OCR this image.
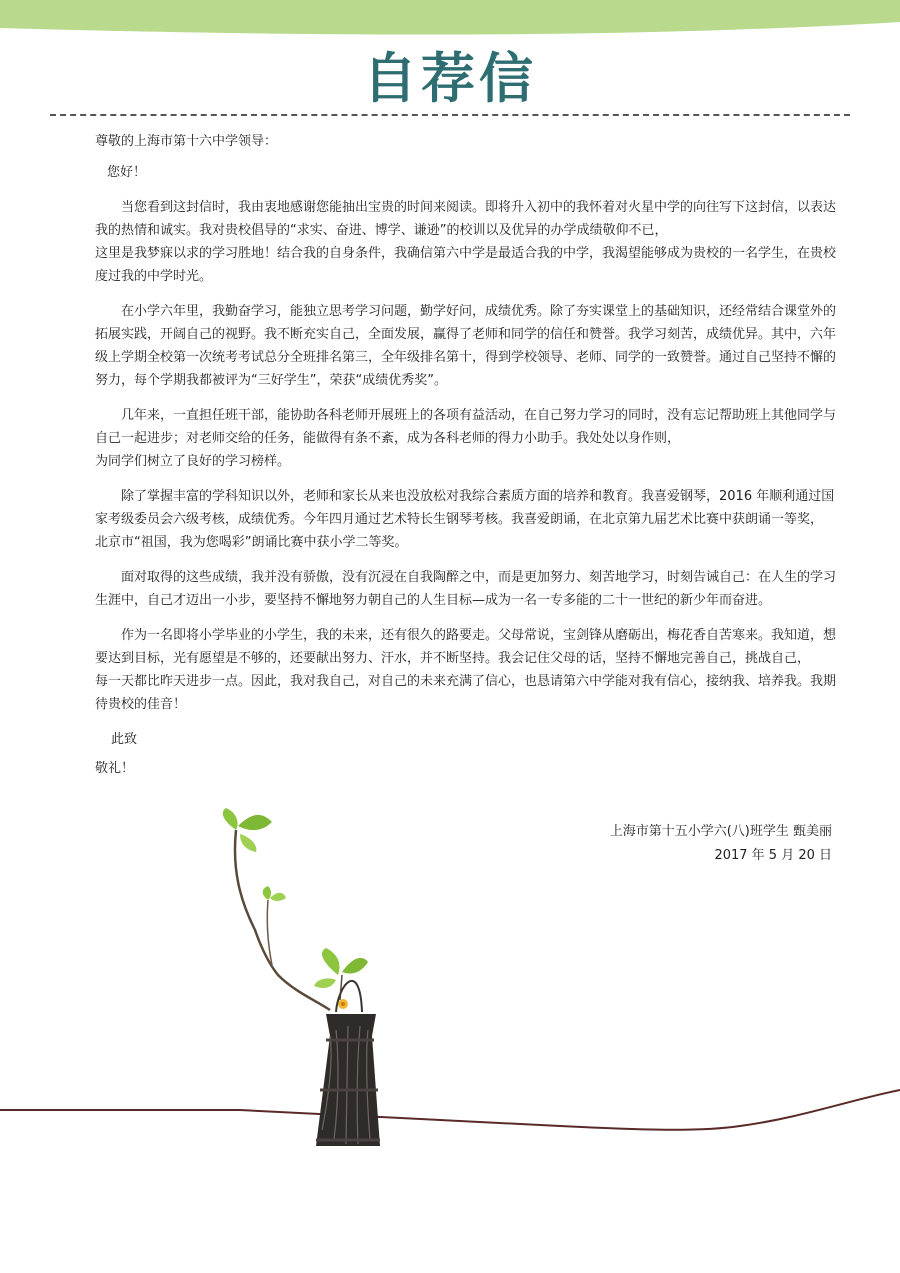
自荐信

尊敬的上海市第十六中学领导：

您好！

当您看到这封信时，我由衷地感谢您能抽出宝贵的时间来阅读。即将升入初中的我怀着对火星中学的向往写下这封信，以表达我的热情和诚实。我对贵校倡导的“求实、奋进、博学、谦逊”的校训以及优异的办学成绩敬仰不已，
这里是我梦寐以求的学习胜地！结合我的自身条件，我确信第六中学是最适合我的中学，我渴望能够成为贵校的一名学生，在贵校度过我的中学时光。

在小学六年里，我勤奋学习，能独立思考学习问题，勤学好问，成绩优秀。除了夯实课堂上的基础知识，还经常结合课堂外的拓展实践，开阔自己的视野。我不断充实自己，全面发展，赢得了老师和同学的信任和赞誉。我学习刻苦，成绩优异。其中，六年级上学期全校第一次统考考试总分全班排名第三，全年级排名第十，得到学校领导、老师、同学的一致赞誉。通过自己坚持不懈的努力，每个学期我都被评为“三好学生”，荣获“成绩优秀奖”。

几年来，一直担任班干部，能协助各科老师开展班上的各项有益活动，在自己努力学习的同时，没有忘记帮助班上其他同学与自己一起进步；对老师交给的任务，能做得有条不紊，成为各科老师的得力小助手。我处处以身作则，
为同学们树立了良好的学习榜样。

除了掌握丰富的学科知识以外，老师和家长从来也没放松对我综合素质方面的培养和教育。我喜爱钢琴，2016 年顺利通过国家考级委员会六级考核，成绩优秀。今年四月通过艺术特长生钢琴考核。我喜爱朗诵，在北京第九届艺术比赛中获朗诵一等奖，
北京市“祖国，我为您喝彩”朗诵比赛中获小学二等奖。

面对取得的这些成绩，我并没有骄傲，没有沉浸在自我陶醉之中，而是更加努力、刻苦地学习，时刻告诫自己：在人生的学习生涯中，自己才迈出一小步，要坚持不懈地努力朝自己的人生目标—成为一名一专多能的二十一世纪的新少年而奋进。

作为一名即将小学毕业的小学生，我的未来，还有很久的路要走。父母常说，宝剑锋从磨砺出，梅花香自苦寒来。我知道，想要达到目标，光有愿望是不够的，还要献出努力、汗水，并不断坚持。我会记住父母的话，坚持不懈地完善自己，挑战自己，
每一天都比昨天进步一点。因此，我对我自己，对自己的未来充满了信心，也恳请第六中学能对我有信心，接纳我、培养我。我期待贵校的佳音！

此致

敬礼！

上海市第十五小学六(八)班学生 甄美丽
2017 年 5 月 20 日
